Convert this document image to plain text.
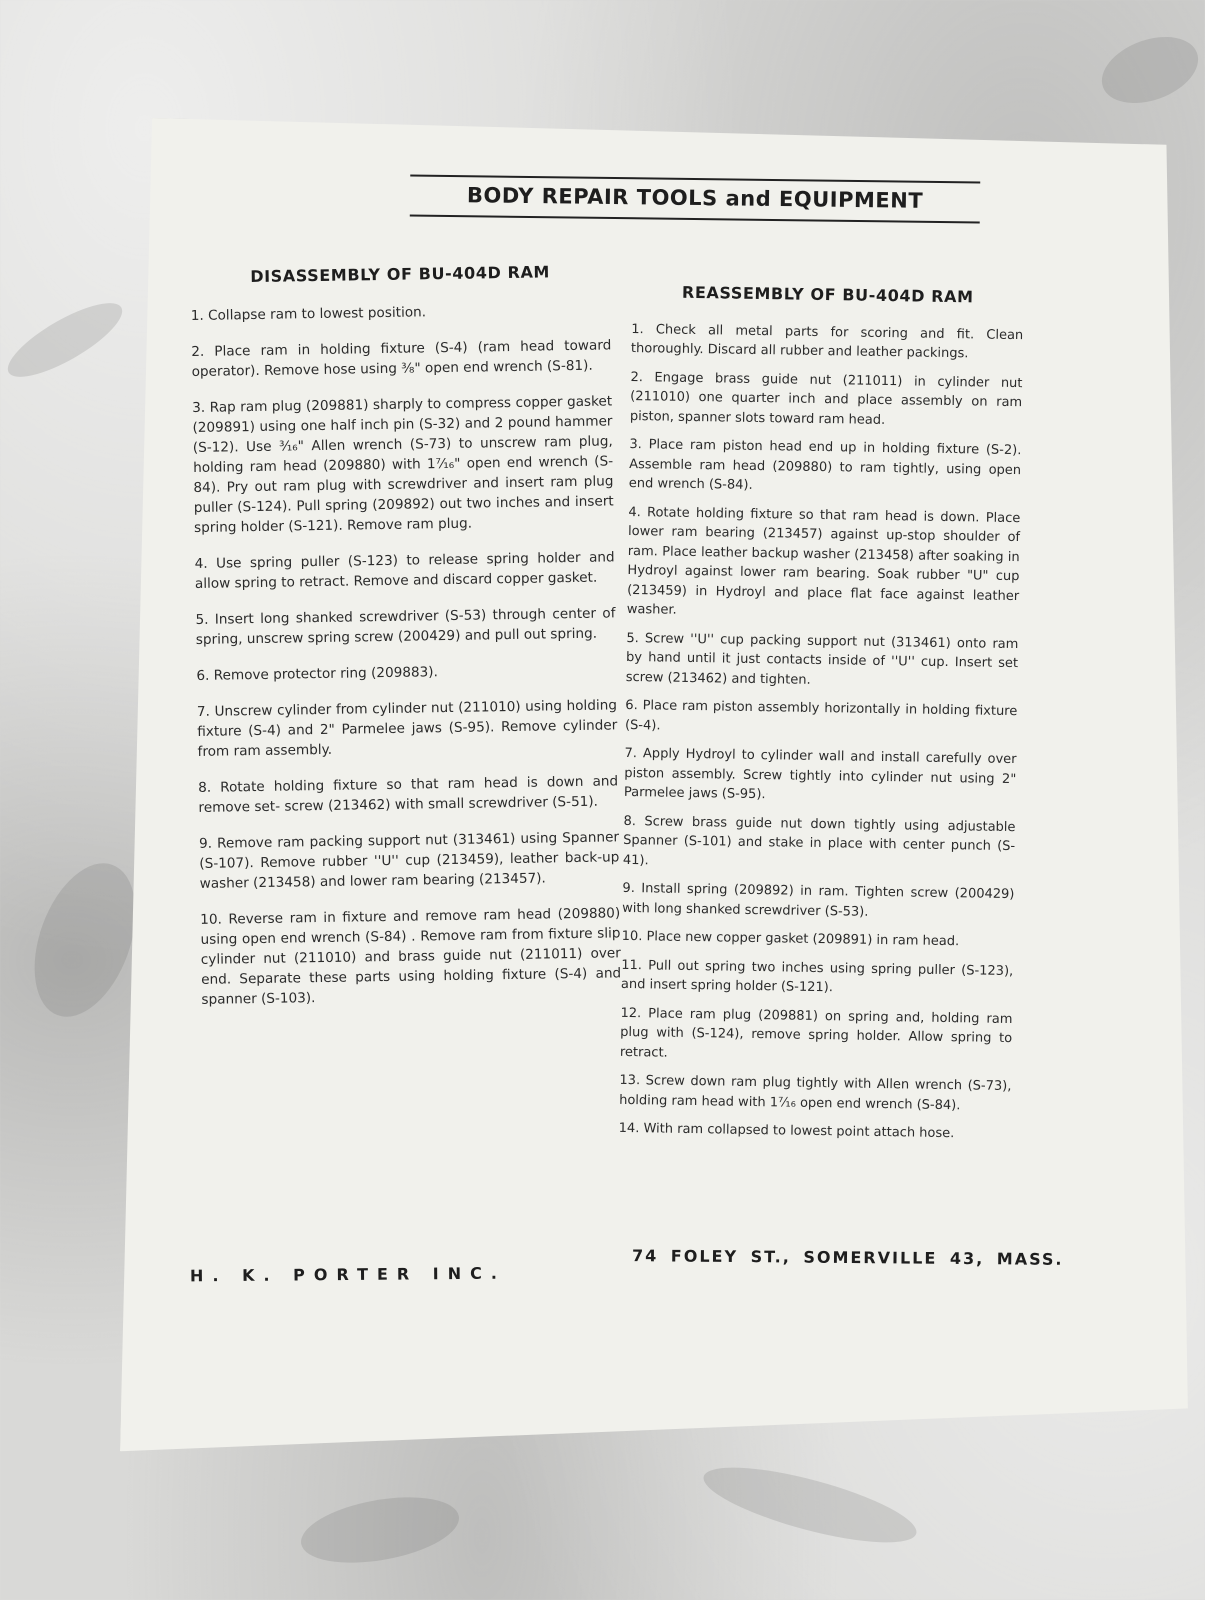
BODY REPAIR TOOLS and EQUIPMENT
DISASSEMBLY OF BU-404D RAM
1. Collapse ram to lowest position.
2. Place ram in holding fixture (S-4) (ram head toward operator). Remove hose using ⅜" open end wrench (S-81).
3. Rap ram plug (209881) sharply to compress copper gasket (209891) using one half inch pin (S-32) and 2 pound hammer (S-12). Use ³⁄₁₆" Allen wrench (S-73) to unscrew ram plug, holding ram head (209880) with 1⁷⁄₁₆" open end wrench (S-84). Pry out ram plug with screwdriver and insert ram plug puller (S-124). Pull spring (209892) out two inches and insert spring holder (S-121). Remove ram plug.
4. Use spring puller (S-123) to release spring holder and allow spring to retract. Remove and discard copper gasket.
5. Insert long shanked screwdriver (S-53) through center of spring, unscrew spring screw (200429) and pull out spring.
6. Remove protector ring (209883).
7. Unscrew cylinder from cylinder nut (211010) using holding fixture (S-4) and 2" Parmelee jaws (S-95). Remove cylinder from ram assembly.
8. Rotate holding fixture so that ram head is down and remove set- screw (213462) with small screwdriver (S-51).
9. Remove ram packing support nut (313461) using Spanner (S-107). Remove rubber ''U'' cup (213459), leather back-up washer (213458) and lower ram bearing (213457).
10. Reverse ram in fixture and remove ram head (209880) using open end wrench (S-84) . Remove ram from fixture slip cylinder nut (211010) and brass guide nut (211011) over end. Separate these parts using holding fixture (S-4) and spanner (S-103).
REASSEMBLY OF BU-404D RAM
1. Check all metal parts for scoring and fit. Clean thoroughly. Discard all rubber and leather packings.
2. Engage brass guide nut (211011) in cylinder nut (211010) one quarter inch and place assembly on ram piston, spanner slots toward ram head.
3. Place ram piston head end up in holding fixture (S-2). Assemble ram head (209880) to ram tightly, using open end wrench (S-84).
4. Rotate holding fixture so that ram head is down. Place lower ram bearing (213457) against up-stop shoulder of ram. Place leather backup washer (213458) after soaking in Hydroyl against lower ram bearing. Soak rubber "U" cup (213459) in Hydroyl and place flat face against leather washer.
5. Screw ''U'' cup packing support nut (313461) onto ram by hand until it just contacts inside of ''U'' cup. Insert set screw (213462) and tighten.
6. Place ram piston assembly horizontally in holding fixture (S-4).
7. Apply Hydroyl to cylinder wall and install carefully over piston assembly. Screw tightly into cylinder nut using 2" Parmelee jaws (S-95).
8. Screw brass guide nut down tightly using adjustable Spanner (S-101) and stake in place with center punch (S-41).
9. Install spring (209892) in ram. Tighten screw (200429) with long shanked screwdriver (S-53).
10. Place new copper gasket (209891) in ram head.
11. Pull out spring two inches using spring puller (S-123), and insert spring holder (S-121).
12. Place ram plug (209881) on spring and, holding ram plug with (S-124), remove spring holder. Allow spring to retract.
13. Screw down ram plug tightly with Allen wrench (S-73), holding ram head with 1⁷⁄₁₆ open end wrench (S-84).
14. With ram collapsed to lowest point attach hose.
H. K. PORTER INC.
74 FOLEY ST., SOMERVILLE 43, MASS.
